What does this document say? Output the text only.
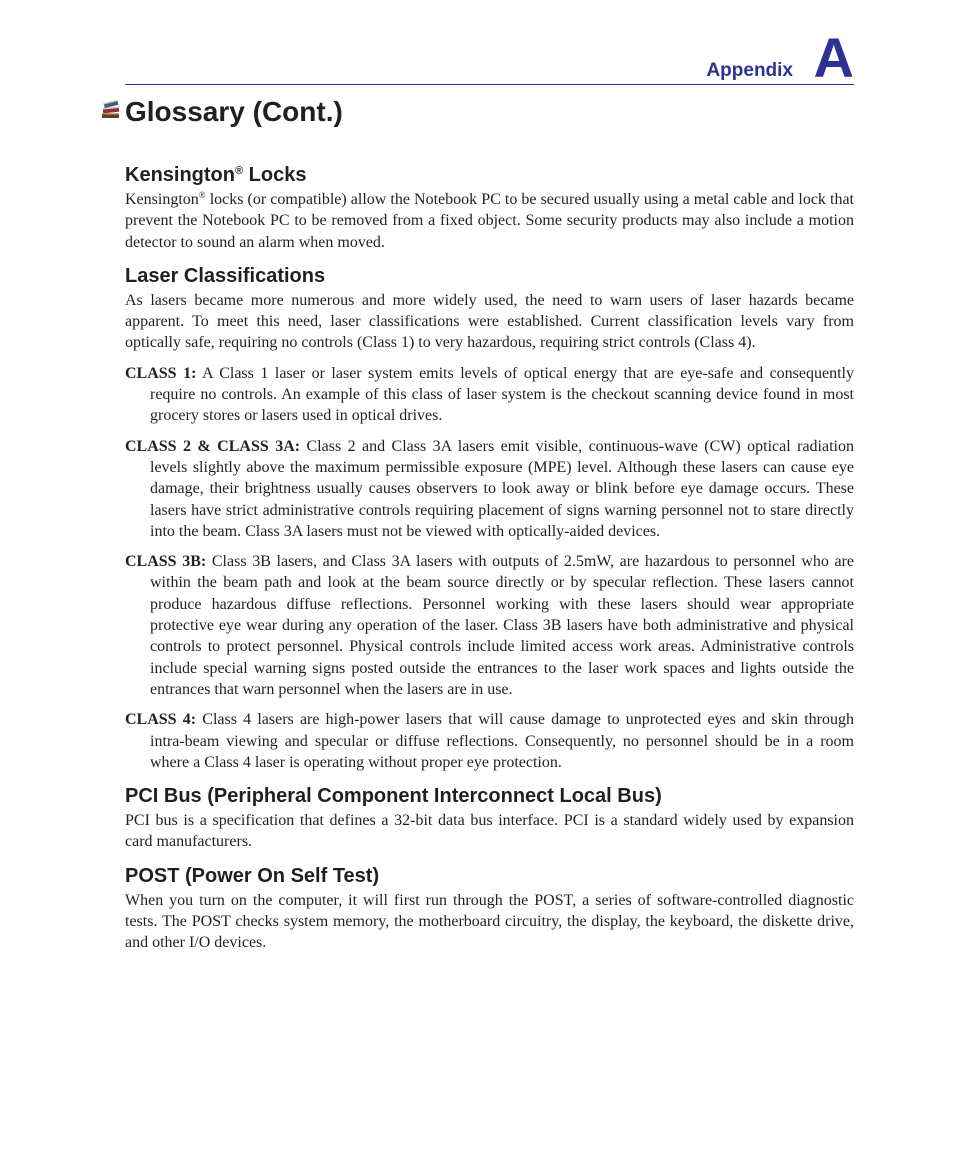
Appendix A
Glossary (Cont.)
Kensington® Locks

Kensington® locks (or compatible) allow the Notebook PC to be secured usually using a metal cable and lock that prevent the Notebook PC to be removed from a fixed object. Some security products may also include a motion detector to sound an alarm when moved.

Laser Classifications

As lasers became more numerous and more widely used, the need to warn users of laser hazards became apparent. To meet this need, laser classifications were established. Current classification levels vary from optically safe, requiring no controls (Class 1) to very hazardous, requiring strict controls (Class 4).

CLASS 1: A Class 1 laser or laser system emits levels of optical energy that are eye-safe and consequently require no controls. An example of this class of laser system is the checkout scanning device found in most grocery stores or lasers used in optical drives.

CLASS 2 & CLASS 3A: Class 2 and Class 3A lasers emit visible, continuous-wave (CW) optical radiation levels slightly above the maximum permissible exposure (MPE) level. Although these lasers can cause eye damage, their brightness usually causes observers to look away or blink before eye damage occurs. These lasers have strict administrative controls requiring placement of signs warning personnel not to stare directly into the beam. Class 3A lasers must not be viewed with optically-aided devices.

CLASS 3B: Class 3B lasers, and Class 3A lasers with outputs of 2.5mW, are hazardous to personnel who are within the beam path and look at the beam source directly or by specular reflection. These lasers cannot produce hazardous diffuse reflections. Personnel working with these lasers should wear appropriate protective eye wear during any operation of the laser. Class 3B lasers have both administrative and physical controls to protect personnel. Physical controls include limited access work areas. Administrative controls include special warning signs posted outside the entrances to the laser work spaces and lights outside the entrances that warn personnel when the lasers are in use.

CLASS 4: Class 4 lasers are high-power lasers that will cause damage to unprotected eyes and skin through intra-beam viewing and specular or diffuse reflections. Consequently, no personnel should be in a room where a Class 4 laser is operating without proper eye protection.

PCI Bus (Peripheral Component Interconnect Local Bus)

PCI bus is a specification that defines a 32-bit data bus interface. PCI is a standard widely used by expansion card manufacturers.

POST (Power On Self Test)

When you turn on the computer, it will first run through the POST, a series of software-controlled diagnostic tests. The POST checks system memory, the motherboard circuitry, the display, the keyboard, the diskette drive, and other I/O devices.
